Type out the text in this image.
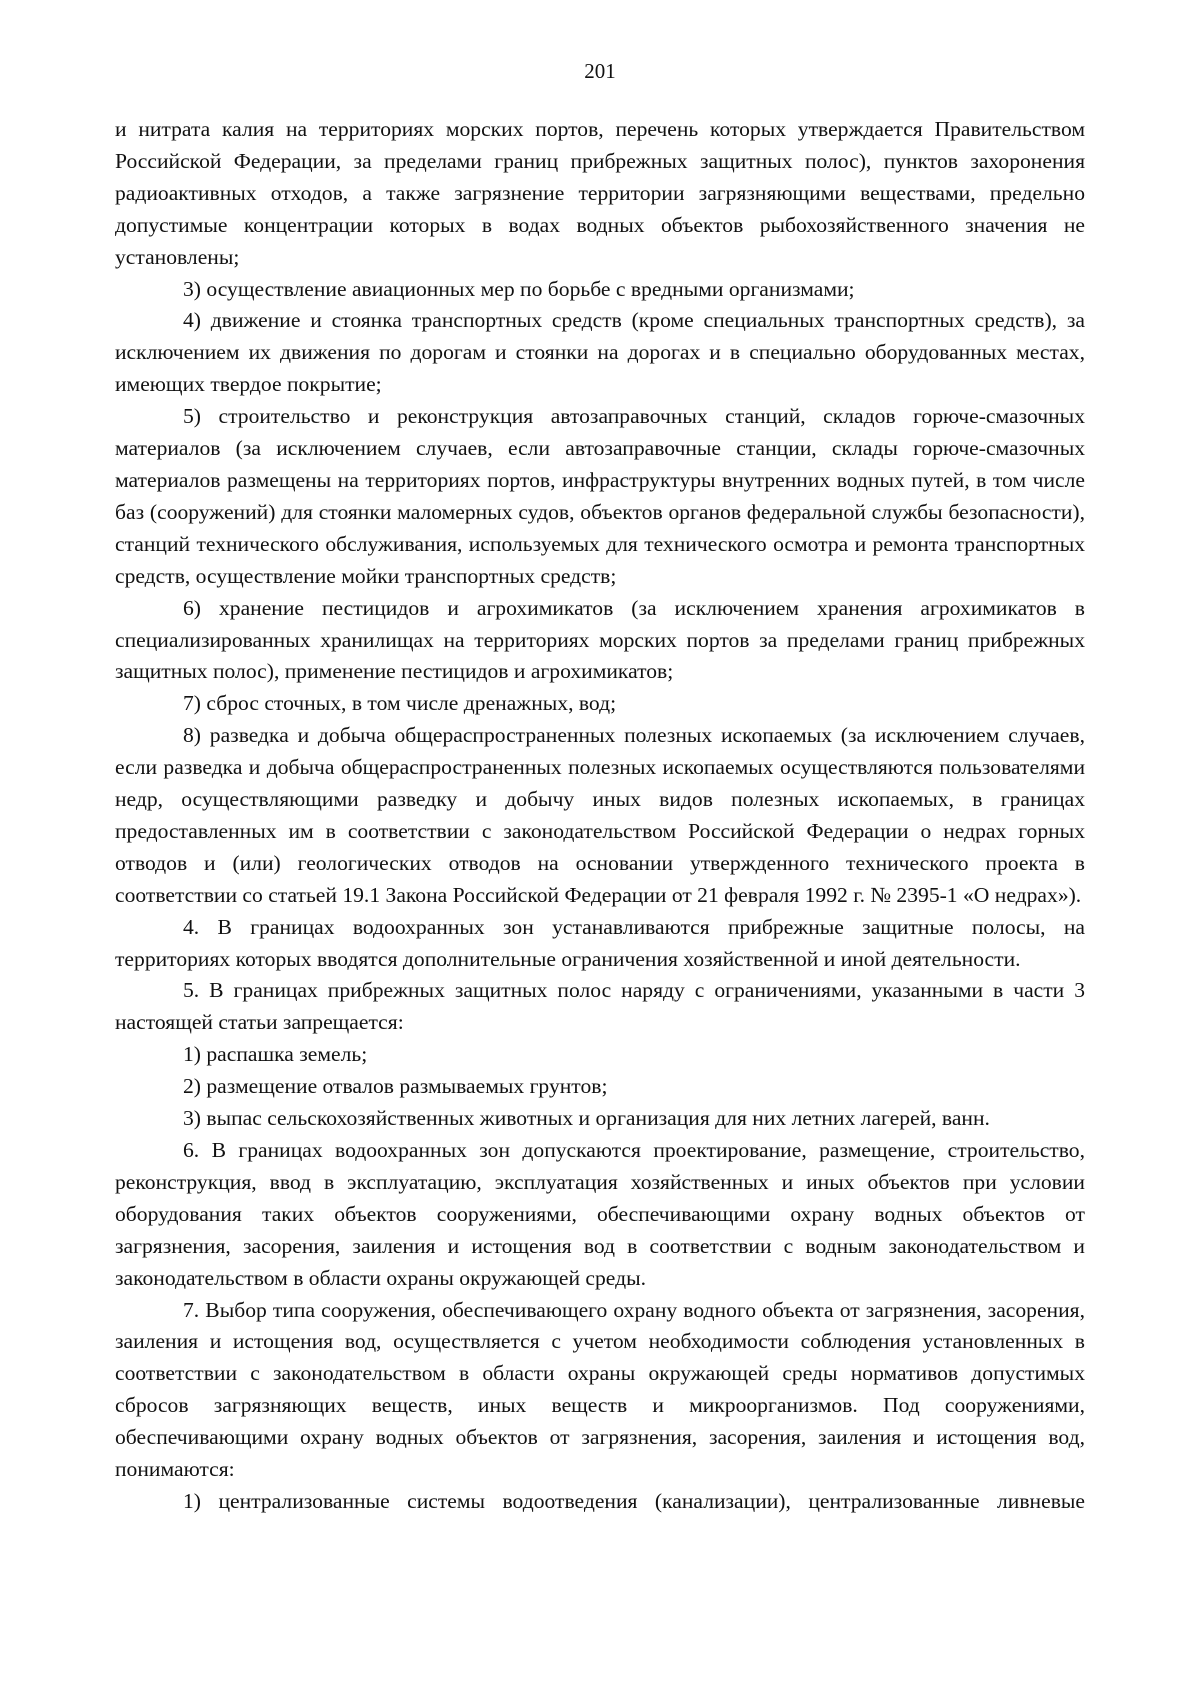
201

и нитрата калия на территориях морских портов, перечень которых утверждается Правительством Российской Федерации, за пределами границ прибрежных защитных полос), пунктов захоронения радиоактивных отходов, а также загрязнение территории загрязняющими веществами, предельно допустимые концентрации которых в водах водных объектов рыбохозяйственного значения не установлены;

3) осуществление авиационных мер по борьбе с вредными организмами;

4) движение и стоянка транспортных средств (кроме специальных транспортных средств), за исключением их движения по дорогам и стоянки на дорогах и в специально оборудованных местах, имеющих твердое покрытие;

5) строительство и реконструкция автозаправочных станций, складов горюче-смазочных материалов (за исключением случаев, если автозаправочные станции, склады горюче-смазочных материалов размещены на территориях портов, инфраструктуры внутренних водных путей, в том числе баз (сооружений) для стоянки маломерных судов, объектов органов федеральной службы безопасности), станций технического обслуживания, используемых для технического осмотра и ремонта транспортных средств, осуществление мойки транспортных средств;

6) хранение пестицидов и агрохимикатов (за исключением хранения агрохимикатов в специализированных хранилищах на территориях морских портов за пределами границ прибрежных защитных полос), применение пестицидов и агрохимикатов;

7) сброс сточных, в том числе дренажных, вод;

8) разведка и добыча общераспространенных полезных ископаемых (за исключением случаев, если разведка и добыча общераспространенных полезных ископаемых осуществляются пользователями недр, осуществляющими разведку и добычу иных видов полезных ископаемых, в границах предоставленных им в соответствии с законодательством Российской Федерации о недрах горных отводов и (или) геологических отводов на основании утвержденного технического проекта в соответствии со статьей 19.1 Закона Российской Федерации от 21 февраля 1992 г. № 2395-1 «О недрах»).

4. В границах водоохранных зон устанавливаются прибрежные защитные полосы, на территориях которых вводятся дополнительные ограничения хозяйственной и иной деятельности.

5. В границах прибрежных защитных полос наряду с ограничениями, указанными в части 3 настоящей статьи запрещается:

1) распашка земель;

2) размещение отвалов размываемых грунтов;

3) выпас сельскохозяйственных животных и организация для них летних лагерей, ванн.

6. В границах водоохранных зон допускаются проектирование, размещение, строительство, реконструкция, ввод в эксплуатацию, эксплуатация хозяйственных и иных объектов при условии оборудования таких объектов сооружениями, обеспечивающими охрану водных объектов от загрязнения, засорения, заиления и истощения вод в соответствии с водным законодательством и законодательством в области охраны окружающей среды.

7. Выбор типа сооружения, обеспечивающего охрану водного объекта от загрязнения, засорения, заиления и истощения вод, осуществляется с учетом необходимости соблюдения установленных в соответствии с законодательством в области охраны окружающей среды нормативов допустимых сбросов загрязняющих веществ, иных веществ и микроорганизмов. Под сооружениями, обеспечивающими охрану водных объектов от загрязнения, засорения, заиления и истощения вод, понимаются:

1) централизованные системы водоотведения (канализации), централизованные ливневые
